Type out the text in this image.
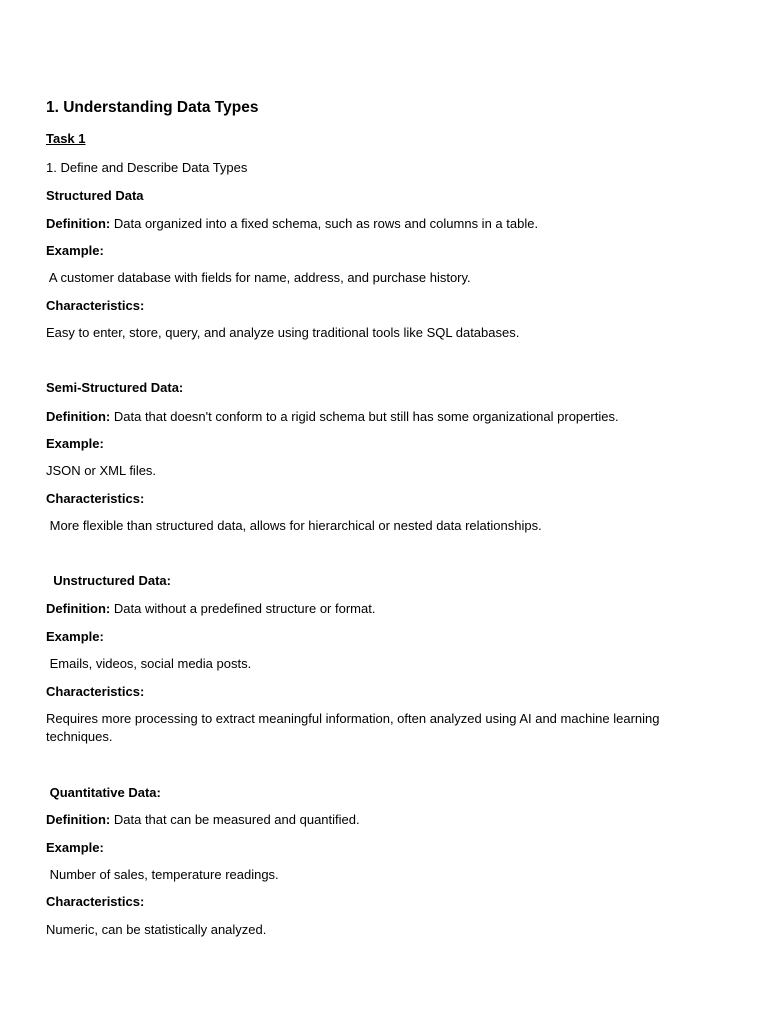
1. Understanding Data Types
Task 1
1. Define and Describe Data Types
Structured Data
Definition: Data organized into a fixed schema, such as rows and columns in a table.
Example:
A customer database with fields for name, address, and purchase history.
Characteristics:
Easy to enter, store, query, and analyze using traditional tools like SQL databases.
Semi-Structured Data:
Definition: Data that doesn't conform to a rigid schema but still has some organizational properties.
Example:
JSON or XML files.
Characteristics:
More flexible than structured data, allows for hierarchical or nested data relationships.
Unstructured Data:
Definition: Data without a predefined structure or format.
Example:
Emails, videos, social media posts.
Characteristics:
Requires more processing to extract meaningful information, often analyzed using AI and machine learning techniques.
Quantitative Data:
Definition: Data that can be measured and quantified.
Example:
Number of sales, temperature readings.
Characteristics:
Numeric, can be statistically analyzed.
